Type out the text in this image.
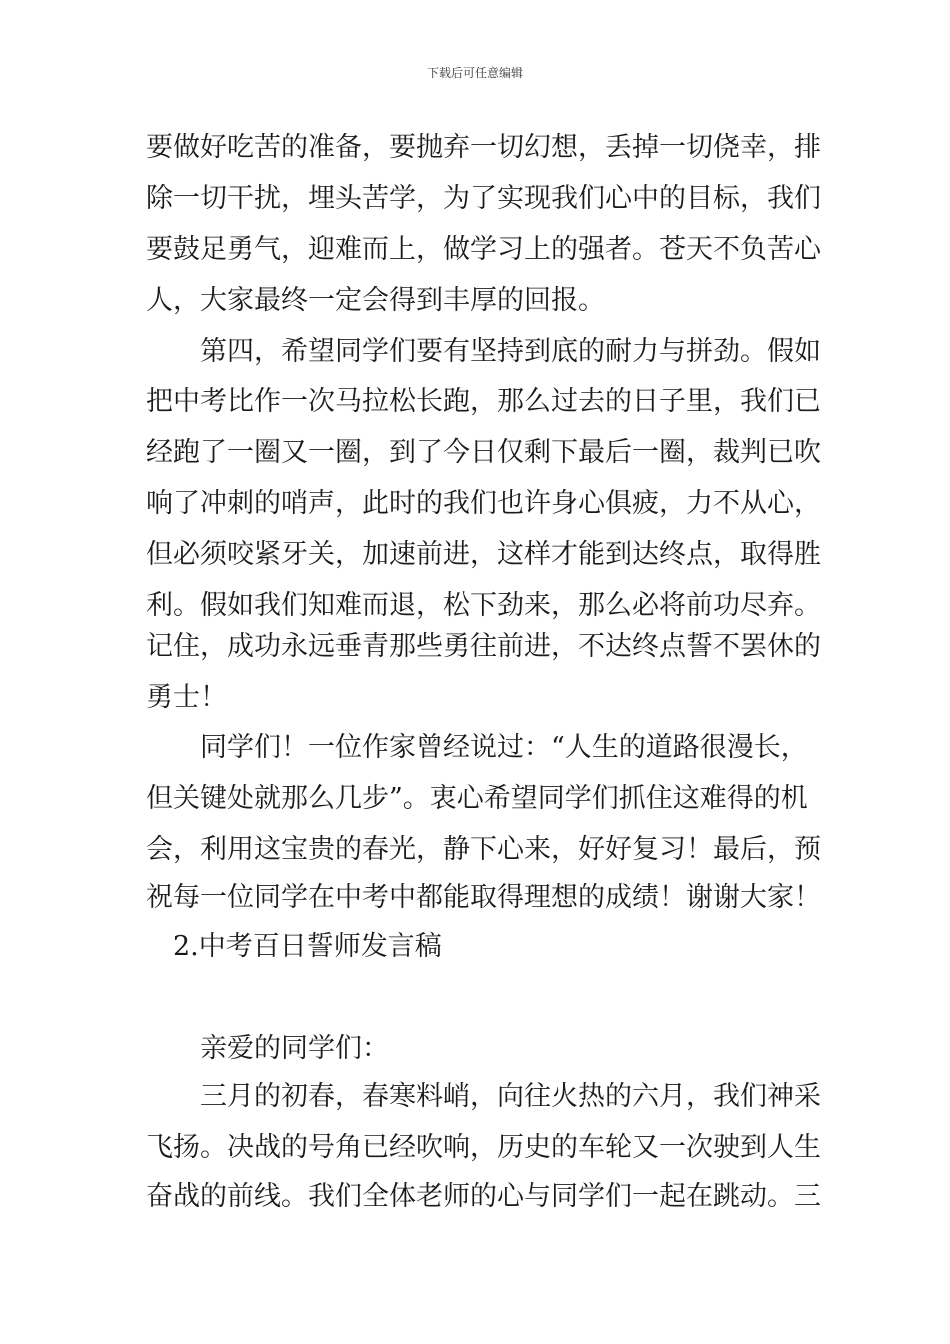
下载后可任意编辑
要做好吃苦的准备，要抛弃一切幻想，丢掉一切侥幸，排
除一切干扰，埋头苦学，为了实现我们心中的目标，我们
要鼓足勇气，迎难而上，做学习上的强者。苍天不负苦心
人，大家最终一定会得到丰厚的回报。
第四，希望同学们要有坚持到底的耐力与拼劲。假如
把中考比作一次马拉松长跑，那么过去的日子里，我们已
经跑了一圈又一圈，到了今日仅剩下最后一圈，裁判已吹
响了冲刺的哨声，此时的我们也许身心俱疲，力不从心，
但必须咬紧牙关，加速前进，这样才能到达终点，取得胜
利。假如我们知难而退，松下劲来，那么必将前功尽弃。
记住，成功永远垂青那些勇往前进，不达终点誓不罢休的
勇士！
同学们！一位作家曾经说过：“人生的道路很漫长，
但关键处就那么几步”。衷心希望同学们抓住这难得的机
会，利用这宝贵的春光，静下心来，好好复习！最后，预
祝每一位同学在中考中都能取得理想的成绩！谢谢大家！
2.中考百日誓师发言稿
亲爱的同学们：
三月的初春，春寒料峭，向往火热的六月，我们神采
飞扬。决战的号角已经吹响，历史的车轮又一次驶到人生
奋战的前线。我们全体老师的心与同学们一起在跳动。三
